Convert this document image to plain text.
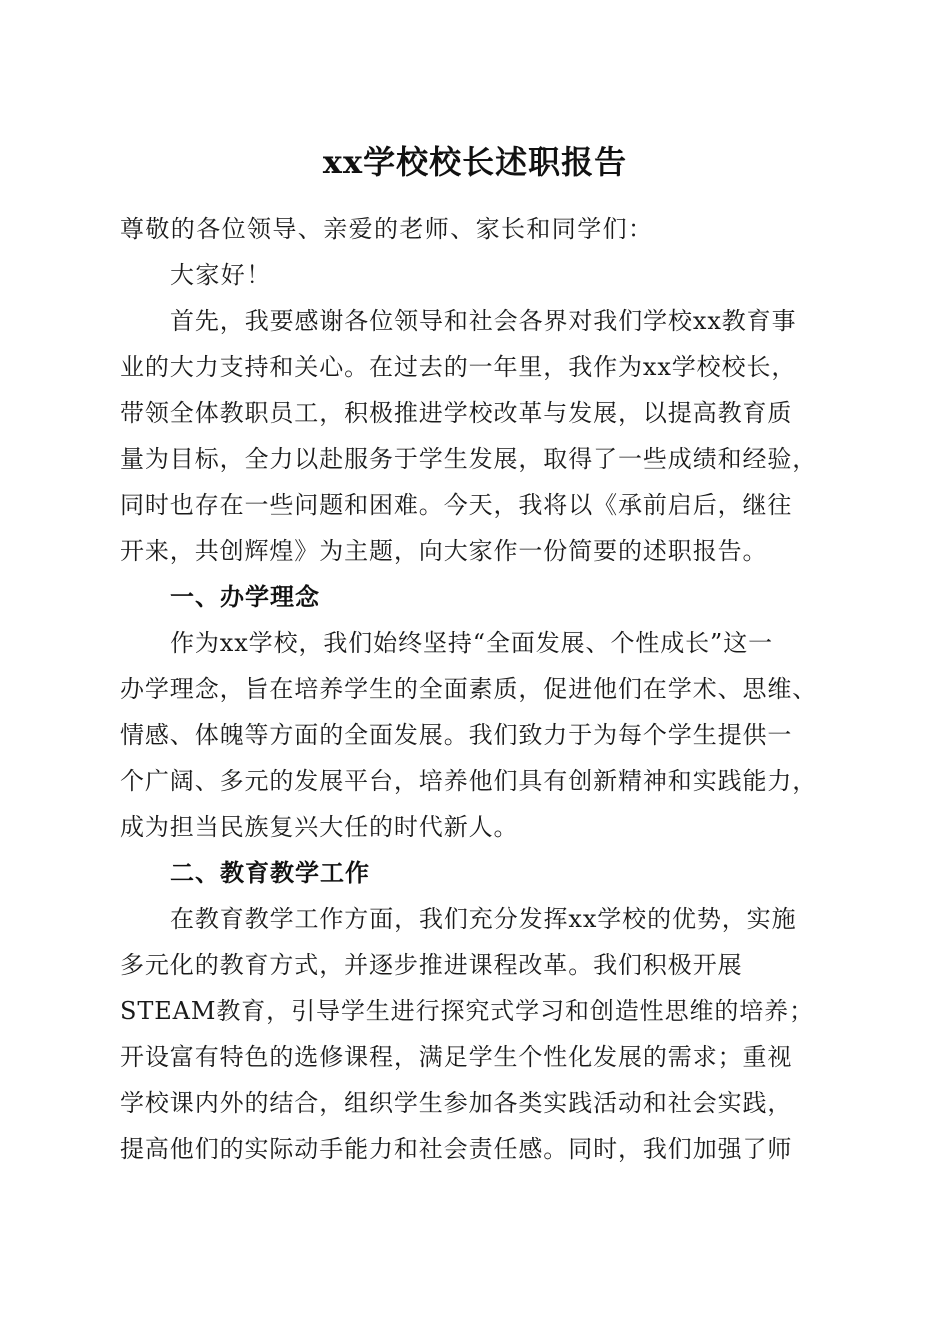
xx学校校长述职报告
尊敬的各位领导、亲爱的老师、家长和同学们：
大家好！
首先，我要感谢各位领导和社会各界对我们学校xx教育事
业的大力支持和关心。在过去的一年里，我作为xx学校校长，
带领全体教职员工，积极推进学校改革与发展，以提高教育质
量为目标，全力以赴服务于学生发展，取得了一些成绩和经验，
同时也存在一些问题和困难。今天，我将以《承前启后，继往
开来，共创辉煌》为主题，向大家作一份简要的述职报告。
一、办学理念
作为xx学校，我们始终坚持“全面发展、个性成长”这一
办学理念，旨在培养学生的全面素质，促进他们在学术、思维、
情感、体魄等方面的全面发展。我们致力于为每个学生提供一
个广阔、多元的发展平台，培养他们具有创新精神和实践能力，
成为担当民族复兴大任的时代新人。
二、教育教学工作
在教育教学工作方面，我们充分发挥xx学校的优势，实施
多元化的教育方式，并逐步推进课程改革。我们积极开展
STEAM教育，引导学生进行探究式学习和创造性思维的培养；
开设富有特色的选修课程，满足学生个性化发展的需求；重视
学校课内外的结合，组织学生参加各类实践活动和社会实践，
提高他们的实际动手能力和社会责任感。同时，我们加强了师
